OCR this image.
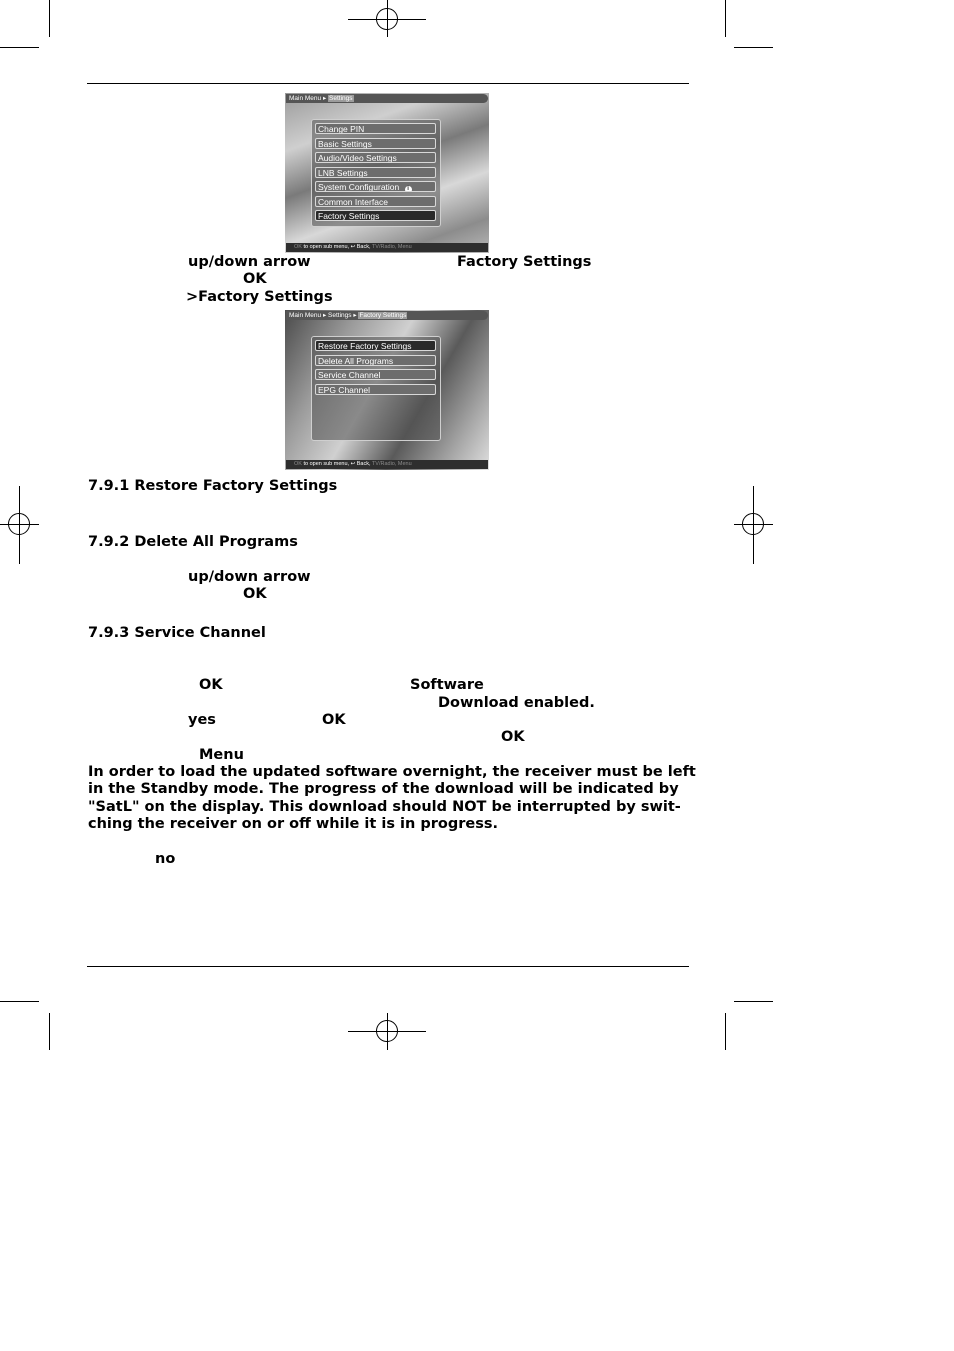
Main Menu ▸ Settings
Change PIN
Basic Settings
Audio/Video Settings
LNB Settings
System Configuration i
Common Interface
Factory Settings
OK to open sub menu, ↩ Back, TV/Radio, Menu
up/down arrow	Factory Settings
OK
>Factory Settings
Main Menu ▸ Settings ▸ Factory Settings
Restore Factory Settings
Delete All Programs
Service Channel
EPG Channel
OK to open sub menu, ↩ Back, TV/Radio, Menu
7.9.1 Restore Factory Settings
7.9.2 Delete All Programs
up/down arrow
OK
7.9.3 Service Channel
OK	Software
Download enabled.
yes	OK
OK
Menu
In order to load the updated software overnight, the receiver must be left
in the Standby mode. The progress of the download will be indicated by
"SatL" on the display. This download should NOT be interrupted by swit-
ching the receiver on or off while it is in progress.
no
